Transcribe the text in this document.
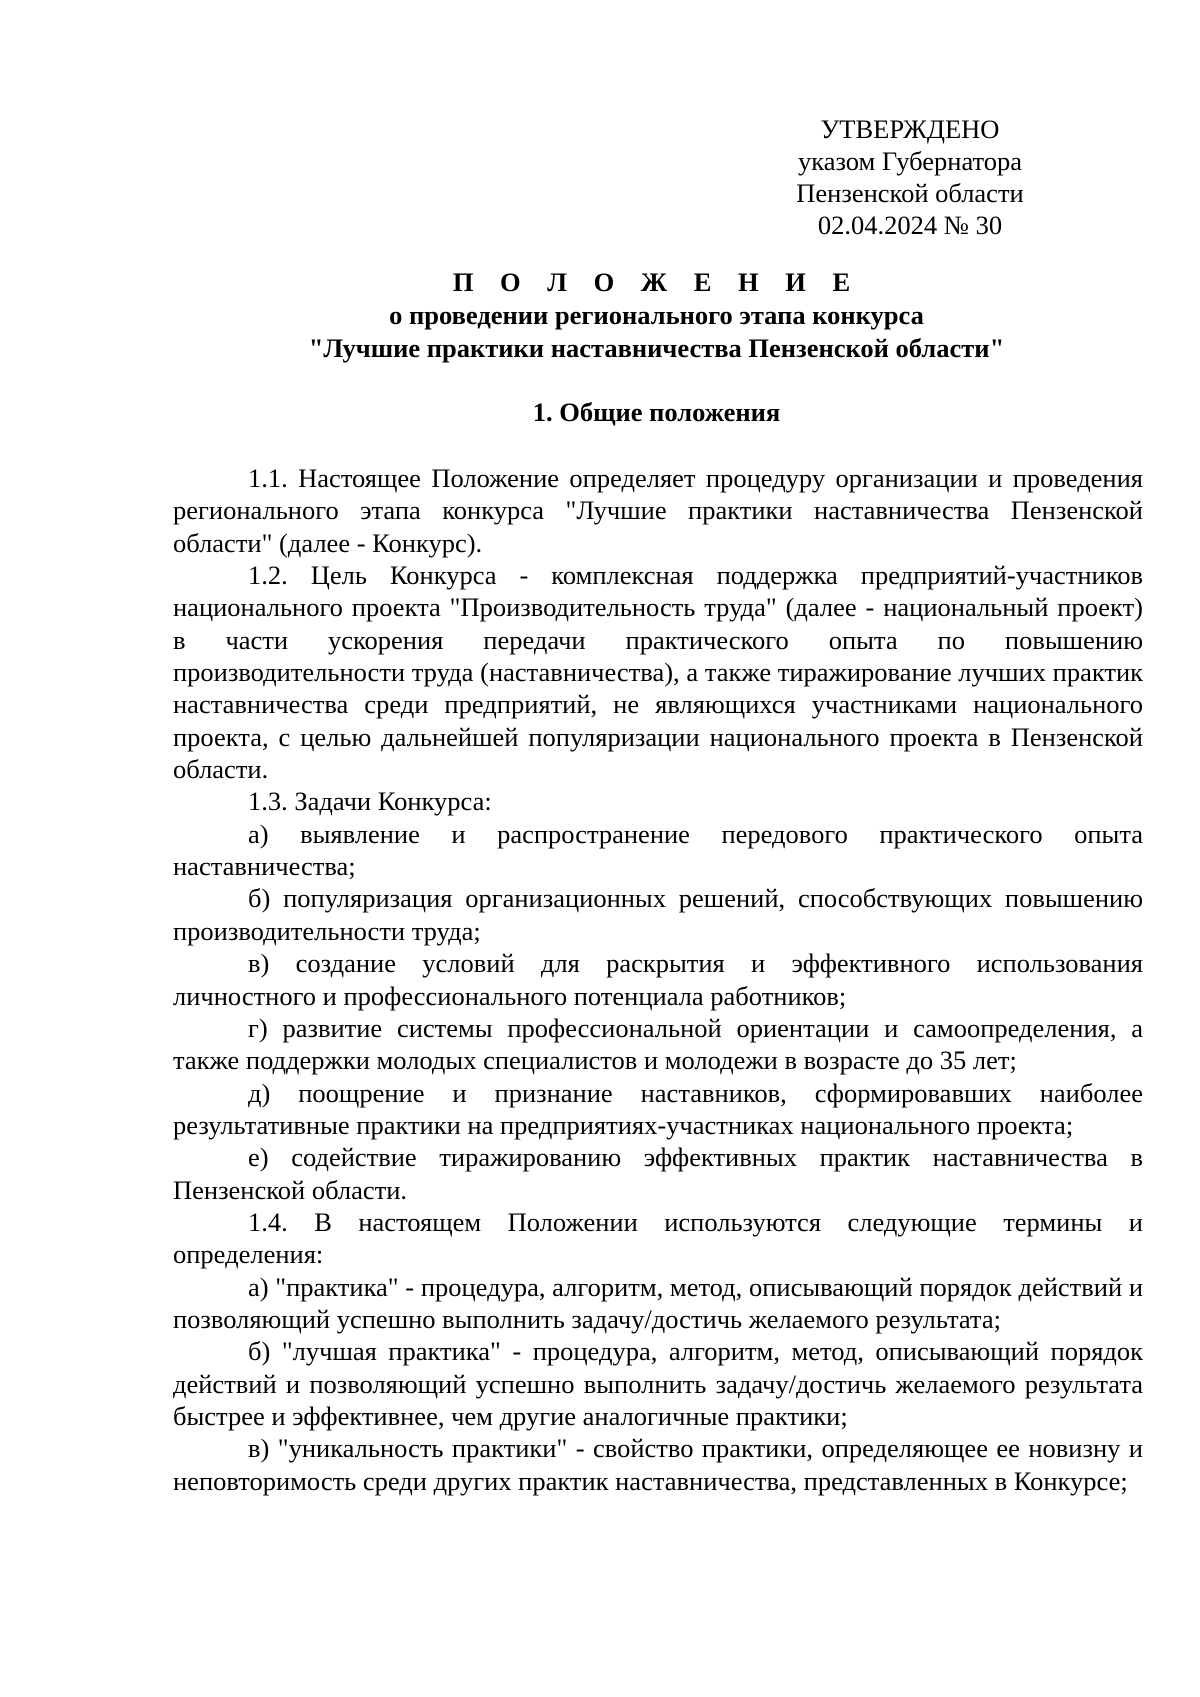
УТВЕРЖДЕНО
указом Губернатора
Пензенской области
02.04.2024 № 30
П О Л О Ж Е Н И Е
о проведении регионального этапа конкурса
"Лучшие практики наставничества Пензенской области"
1. Общие положения

1.1. Настоящее Положение определяет процедуру организации и проведения регионального этапа конкурса "Лучшие практики наставничества Пензенской области" (далее - Конкурс).

1.2. Цель Конкурса - комплексная поддержка предприятий-участников национального проекта "Производительность труда" (далее - национальный проект) в части ускорения передачи практического опыта по повышению производительности труда (наставничества), а также тиражирование лучших практик наставничества среди предприятий, не являющихся участниками национального проекта, с целью дальнейшей популяризации национального проекта в Пензенской области.

1.3. Задачи Конкурса:

а) выявление и распространение передового практического опыта наставничества;

б) популяризация организационных решений, способствующих повышению производительности труда;

в) создание условий для раскрытия и эффективного использования личностного и профессионального потенциала работников;

г) развитие системы профессиональной ориентации и самоопределения, а также поддержки молодых специалистов и молодежи в возрасте до 35 лет;

д) поощрение и признание наставников, сформировавших наиболее результативные практики на предприятиях-участниках национального проекта;

е) содействие тиражированию эффективных практик наставничества в Пензенской области.

1.4. В настоящем Положении используются следующие термины и определения:

а) "практика" - процедура, алгоритм, метод, описывающий порядок действий и позволяющий успешно выполнить задачу/достичь желаемого результата;

б) "лучшая практика" - процедура, алгоритм, метод, описывающий порядок действий и позволяющий успешно выполнить задачу/достичь желаемого результата быстрее и эффективнее, чем другие аналогичные практики;

в) "уникальность практики" - свойство практики, определяющее ее новизну и неповторимость среди других практик наставничества, представленных в Конкурсе;
